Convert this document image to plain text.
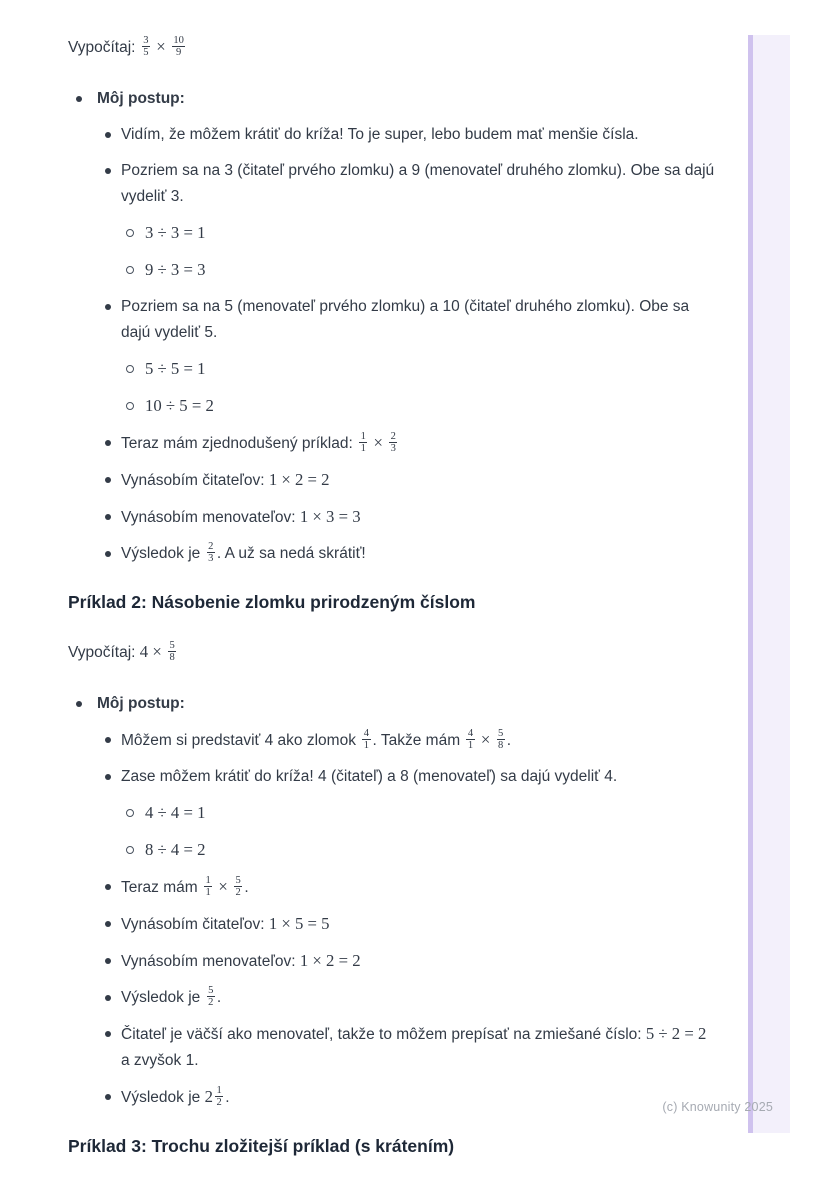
Vypočítaj: $\frac{3}{5} \times \frac{10}{9}$

Môj postup:
Vidím, že môžem krátiť do kríža! To je super, lebo budem mať menšie čísla.
Pozriem sa na 3 (čitateľ prvého zlomku) a 9 (menovateľ druhého zlomku). Obe sa dajú vydeliť 3.
3 ÷ 3 = 1
9 ÷ 3 = 3
Pozriem sa na 5 (menovateľ prvého zlomku) a 10 (čitateľ druhého zlomku). Obe sa dajú vydeliť 5.
5 ÷ 5 = 1
10 ÷ 5 = 2
Teraz mám zjednodušený príklad: $\frac{1}{1} \times \frac{2}{3}$
Vynásobím čitateľov: 1 × 2 = 2
Vynásobím menovateľov: 1 × 3 = 3
Výsledok je $\frac{2}{3}$ . A už sa nedá skrátiť!
Príklad 2: Násobenie zlomku prirodzeným číslom

Vypočítaj: $4 \times \frac{5}{8}$

Môj postup:
Môžem si predstaviť 4 ako zlomok $\frac{4}{1}$ . Takže mám $\frac{4}{1} \times \frac{5}{8}$ .
Zase môžem krátiť do kríža! 4 (čitateľ) a 8 (menovateľ) sa dajú vydeliť 4.
4 ÷ 4 = 1
8 ÷ 4 = 2
Teraz mám $\frac{1}{1} \times \frac{5}{2}$ .
Vynásobím čitateľov: 1 × 5 = 5
Vynásobím menovateľov: 1 × 2 = 2
Výsledok je $\frac{5}{2}$ .
Čitateľ je väčší ako menovateľ, takže to môžem prepísať na zmiešané číslo: 5 ÷ 2 = 2 a zvyšok 1.
Výsledok je $2 \frac{1}{2}$ .
Príklad 3: Trochu zložitejší príklad (s krátením)
(c) Knowunity 2025
